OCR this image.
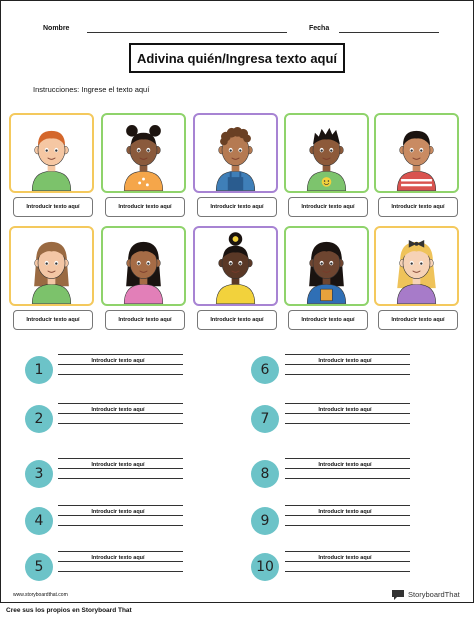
Nombre	Fecha
Adivina quién/Ingresa texto aquí
Instrucciones: Ingrese el texto aquí
Introducir texto aquí	Introducir texto aquí	Introducir texto aquí	Introducir texto aquí	Introducir texto aquí
Introducir texto aquí	Introducir texto aquí	Introducir texto aquí	Introducir texto aquí	Introducir texto aquí
1
Introducir texto aquí
2
Introducir texto aquí
3
Introducir texto aquí
4
Introducir texto aquí
5
Introducir texto aquí
6
Introducir texto aquí
7
Introducir texto aquí
8
Introducir texto aquí
9
Introducir texto aquí
10
Introducir texto aquí
www.storyboardthat.com	StoryboardThat
Cree sus los propios en Storyboard That
